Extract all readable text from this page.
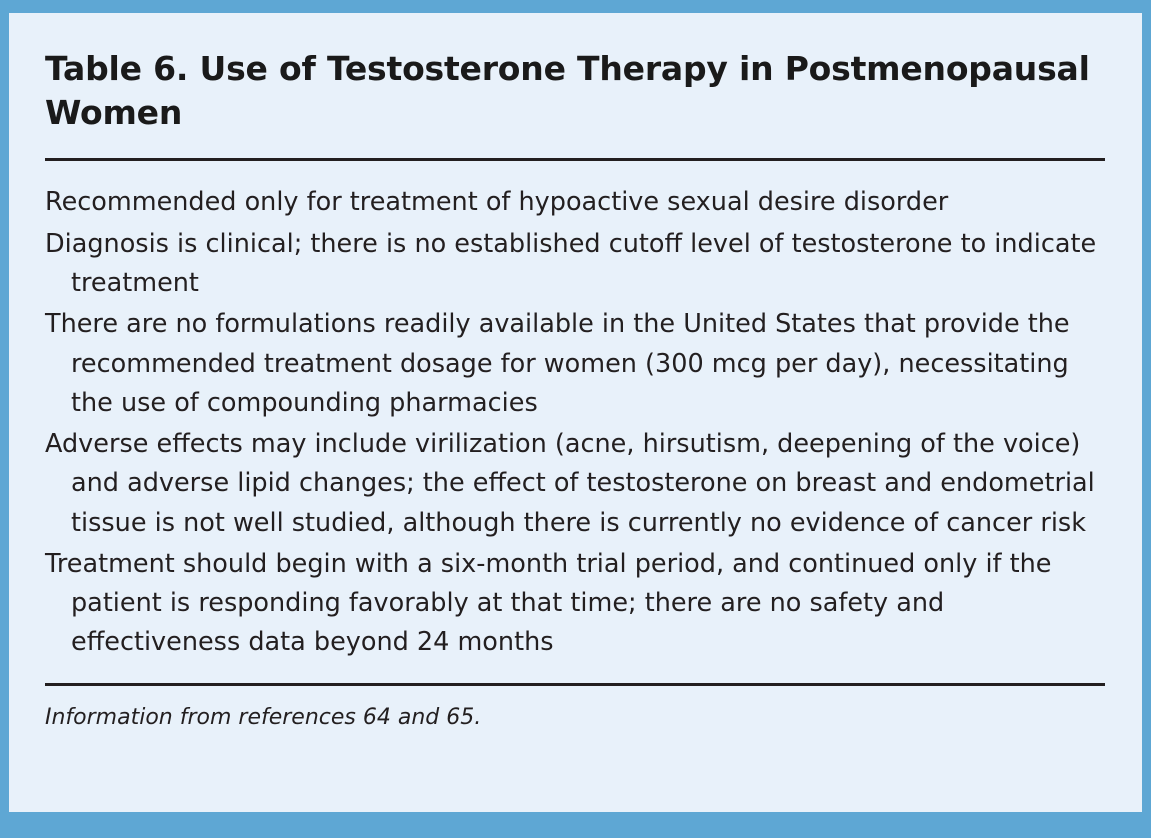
Table 6. Use of Testosterone Therapy in Postmenopausal Women
Recommended only for treatment of hypoactive sexual desire disorder
Diagnosis is clinical; there is no established cutoff level of testosterone to indicate treatment
There are no formulations readily available in the United States that provide the recommended treatment dosage for women (300 mcg per day), necessitating the use of compounding pharmacies
Adverse effects may include virilization (acne, hirsutism, deepening of the voice) and adverse lipid changes; the effect of testosterone on breast and endometrial tissue is not well studied, although there is currently no evidence of cancer risk
Treatment should begin with a six-month trial period, and continued only if the patient is responding favorably at that time; there are no safety and effectiveness data beyond 24 months

Information from references 64 and 65.
